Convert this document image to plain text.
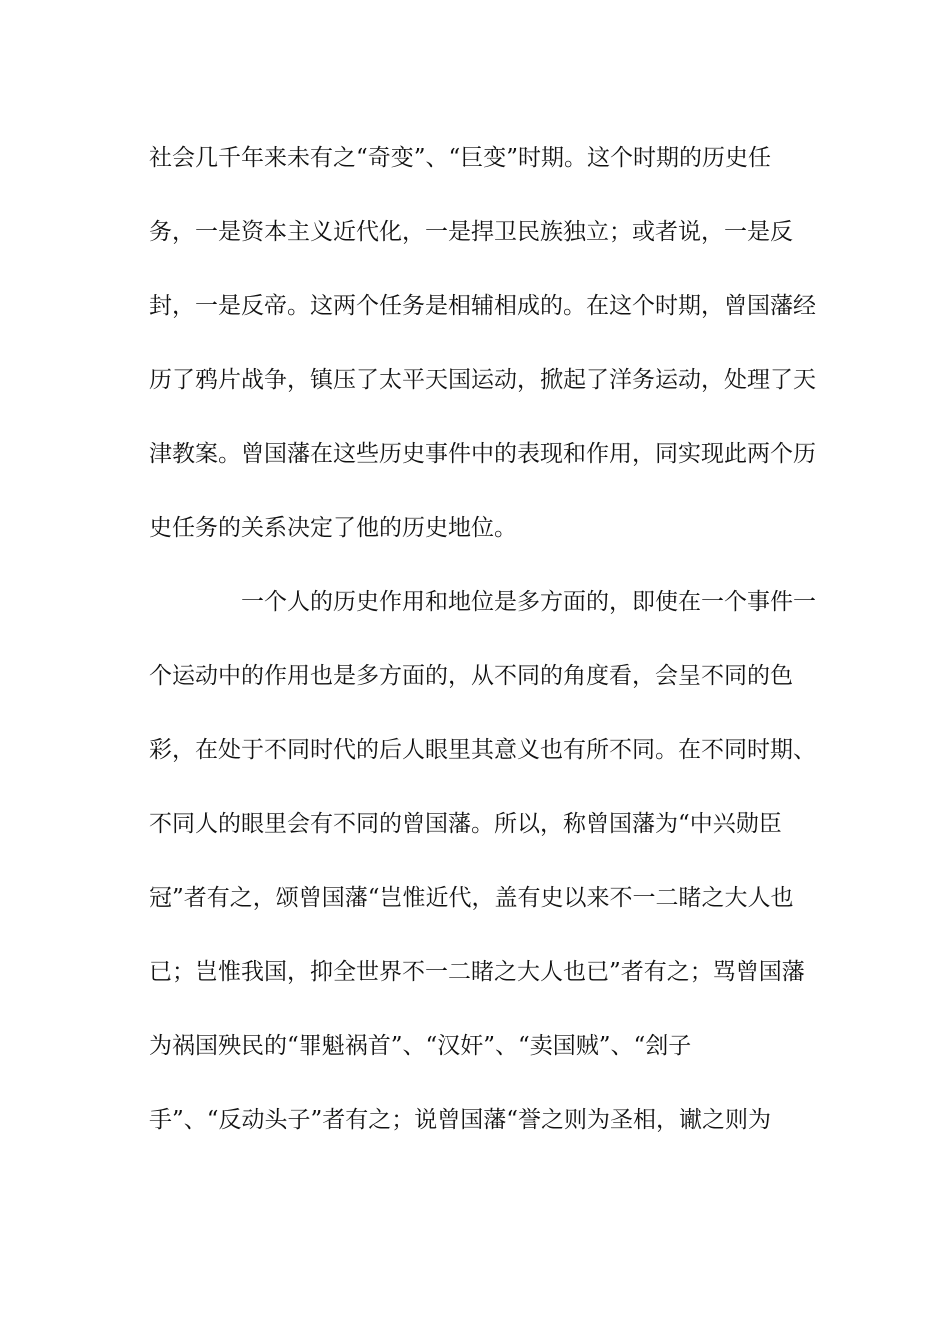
社会几千年来未有之“奇变”、“巨变”时期。这个时期的历史任
务，一是资本主义近代化，一是捍卫民族独立；或者说，一是反
封，一是反帝。这两个任务是相辅相成的。在这个时期，曾国藩经
历了鸦片战争，镇压了太平天国运动，掀起了洋务运动，处理了天
津教案。曾国藩在这些历史事件中的表现和作用，同实现此两个历
史任务的关系决定了他的历史地位。
一个人的历史作用和地位是多方面的，即使在一个事件一
个运动中的作用也是多方面的，从不同的角度看，会呈不同的色
彩，在处于不同时代的后人眼里其意义也有所不同。在不同时期、
不同人的眼里会有不同的曾国藩。所以，称曾国藩为“中兴勋臣
冠”者有之，颂曾国藩“岂惟近代，盖有史以来不一二睹之大人也
已；岂惟我国，抑全世界不一二睹之大人也已”者有之；骂曾国藩
为祸国殃民的“罪魁祸首”、“汉奸”、“卖国贼”、“刽子
手”、“反动头子”者有之；说曾国藩“誉之则为圣相，谳之则为
